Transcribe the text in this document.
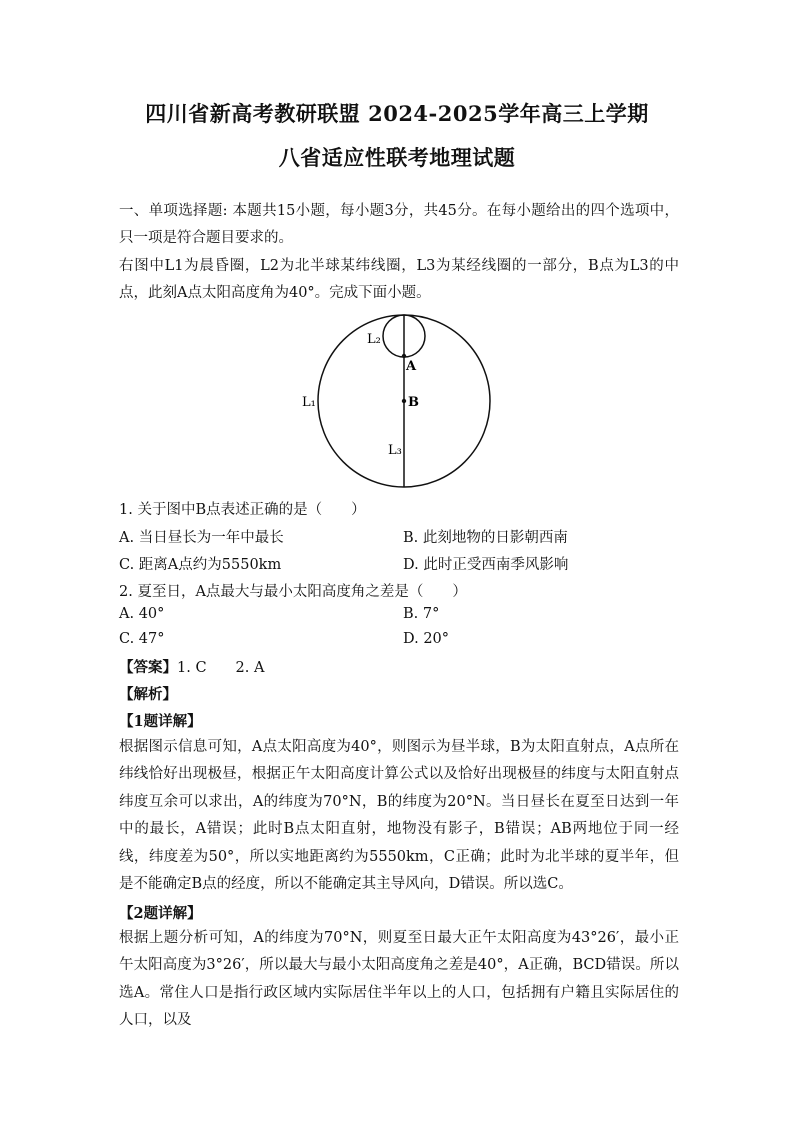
四川省新高考教研联盟 2024-2025学年高三上学期
八省适应性联考地理试题
一、单项选择题: 本题共15小题，每小题3分，共45分。在每小题给出的四个选项中，只一项是符合题目要求的。
右图中L1为晨昏圈，L2为北半球某纬线圈，L3为某经线圈的一部分，B点为L3的中点，此刻A点太阳高度角为40°。完成下面小题。
L₂
A
L₁	B
L₃
1. 关于图中B点表述正确的是（　　）
A. 当日昼长为一年中最长	B. 此刻地物的日影朝西南
C. 距离A点约为5550km	D. 此时正受西南季风影响
2. 夏至日，A点最大与最小太阳高度角之差是（　　）
A. 40°	B. 7°
C. 47°	D. 20°
【答案】1. C　　2. A
【解析】
【1题详解】
根据图示信息可知，A点太阳高度为40°，则图示为昼半球，B为太阳直射点，A点所在纬线恰好出现极昼，根据正午太阳高度计算公式以及恰好出现极昼的纬度与太阳直射点纬度互余可以求出，A的纬度为70°N，B的纬度为20°N。当日昼长在夏至日达到一年中的最长，A错误；此时B点太阳直射，地物没有影子，B错误；AB两地位于同一经线，纬度差为50°，所以实地距离约为5550km，C正确；此时为北半球的夏半年，但是不能确定B点的经度，所以不能确定其主导风向，D错误。所以选C。
【2题详解】
根据上题分析可知，A的纬度为70°N，则夏至日最大正午太阳高度为43°26′，最小正午太阳高度为3°26′，所以最大与最小太阳高度角之差是40°，A正确，BCD错误。所以选A。常住人口是指行政区域内实际居住半年以上的人口，包括拥有户籍且实际居住的人口，以及
